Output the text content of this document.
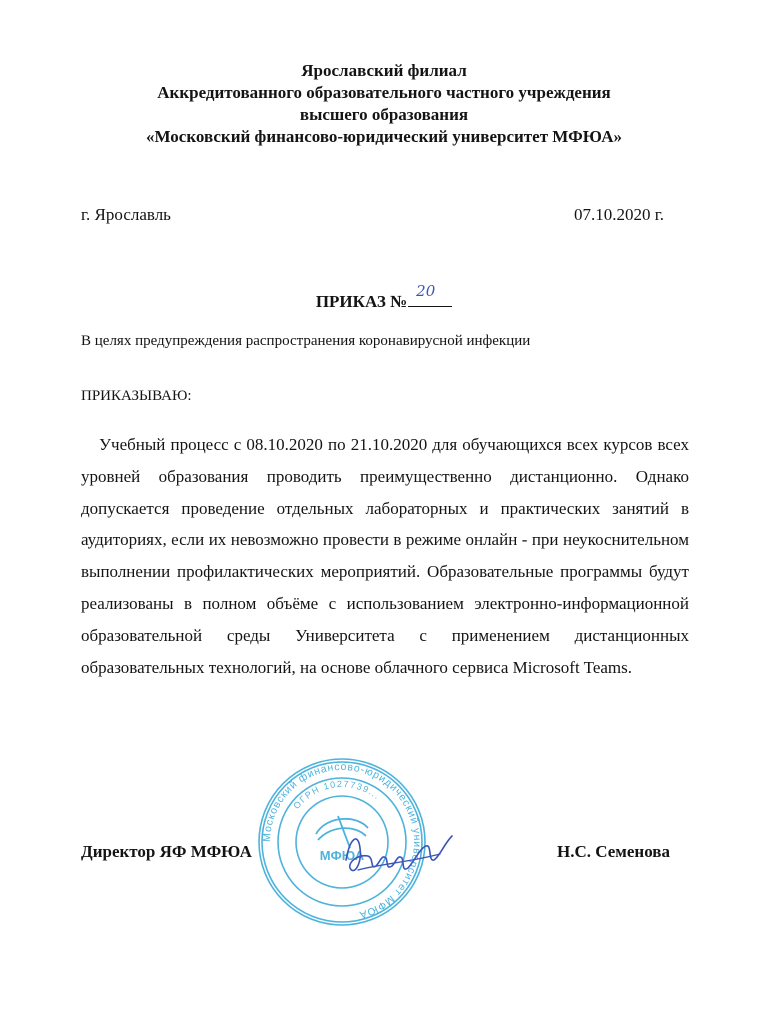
Ярославский филиал
Аккредитованного образовательного частного учреждения
высшего образования
«Московский финансово-юридический университет МФЮА»
г. Ярославль	07.10.2020 г.
ПРИКАЗ №
20
В целях предупреждения распространения коронавирусной инфекции
ПРИКАЗЫВАЮ:
Учебный процесс с 08.10.2020 по 21.10.2020 для обучающихся всех курсов всех уровней образования проводить преимущественно дистанционно. Однако допускается проведение отдельных лабораторных и практических занятий в аудиториях, если их невозможно провести в режиме онлайн - при неукоснительном выполнении профилактических мероприятий. Образовательные программы будут реализованы в полном объёме с использованием электронно-информационной образовательной среды Университета с применением дистанционных образовательных технологий, на основе облачного сервиса Microsoft Teams.
Московский финансово-юридический университет МФЮА
ОГРН 1027739...
МФЮА
Директор ЯФ МФЮА	Н.С. Семенова
